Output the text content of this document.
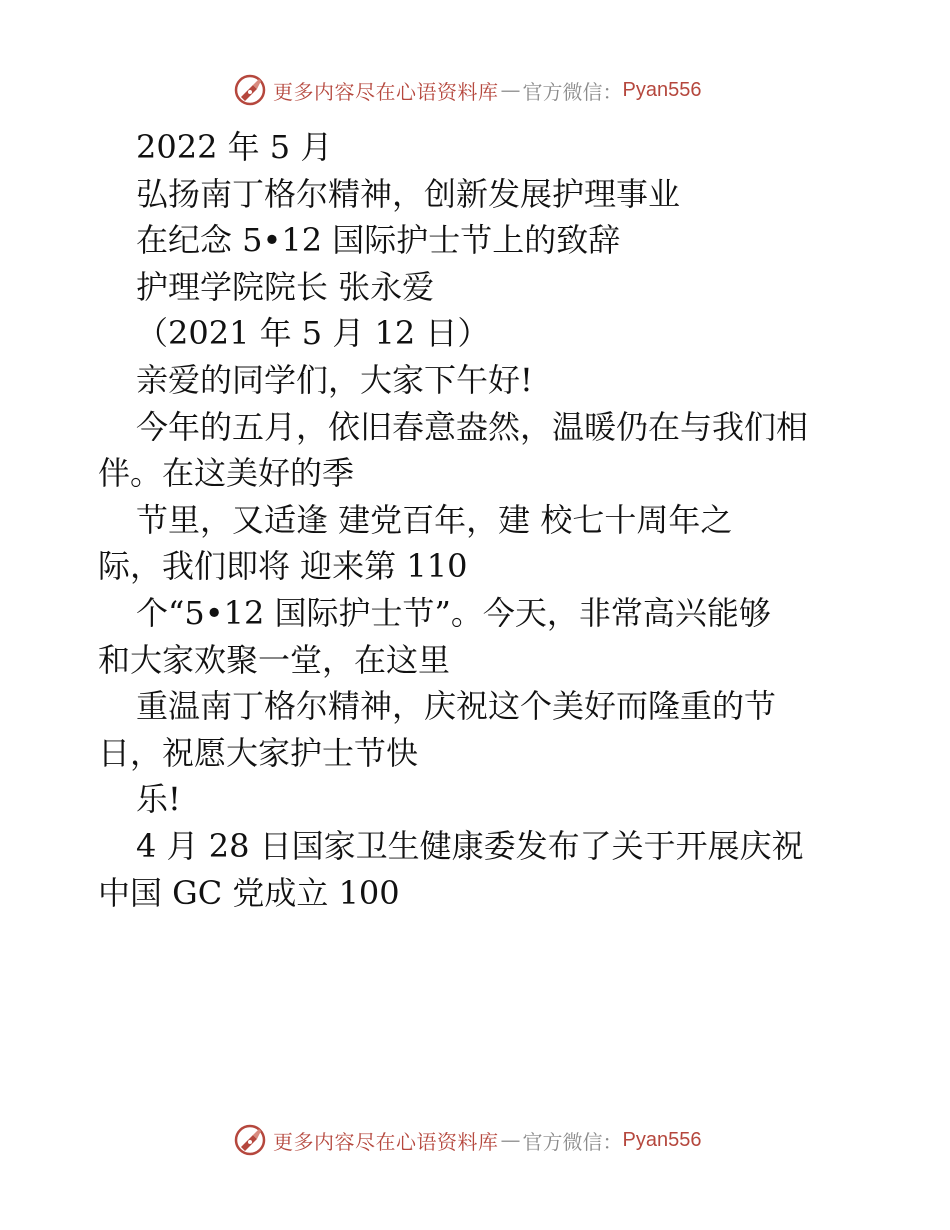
更多内容尽在心语资料库 — 官方微信： Pyan556
2022 年 5 月
弘扬南丁格尔精神，创新发展护理事业
在纪念 5•12 国际护士节上的致辞
护理学院院长 张永爱
（2021 年 5 月 12 日）
亲爱的同学们，大家下午好!
今年的五月，依旧春意盎然，温暖仍在与我们相
伴。在这美好的季
节里，又适逢 建党百年，建 校七十周年之
际，我们即将 迎来第 110
个“5•12 国际护士节”。今天，非常高兴能够
和大家欢聚一堂，在这里
重温南丁格尔精神，庆祝这个美好而隆重的节
日，祝愿大家护士节快
乐!
4 月 28 日国家卫生健康委发布了关于开展庆祝
中国 GC 党成立 100
更多内容尽在心语资料库 — 官方微信： Pyan556
